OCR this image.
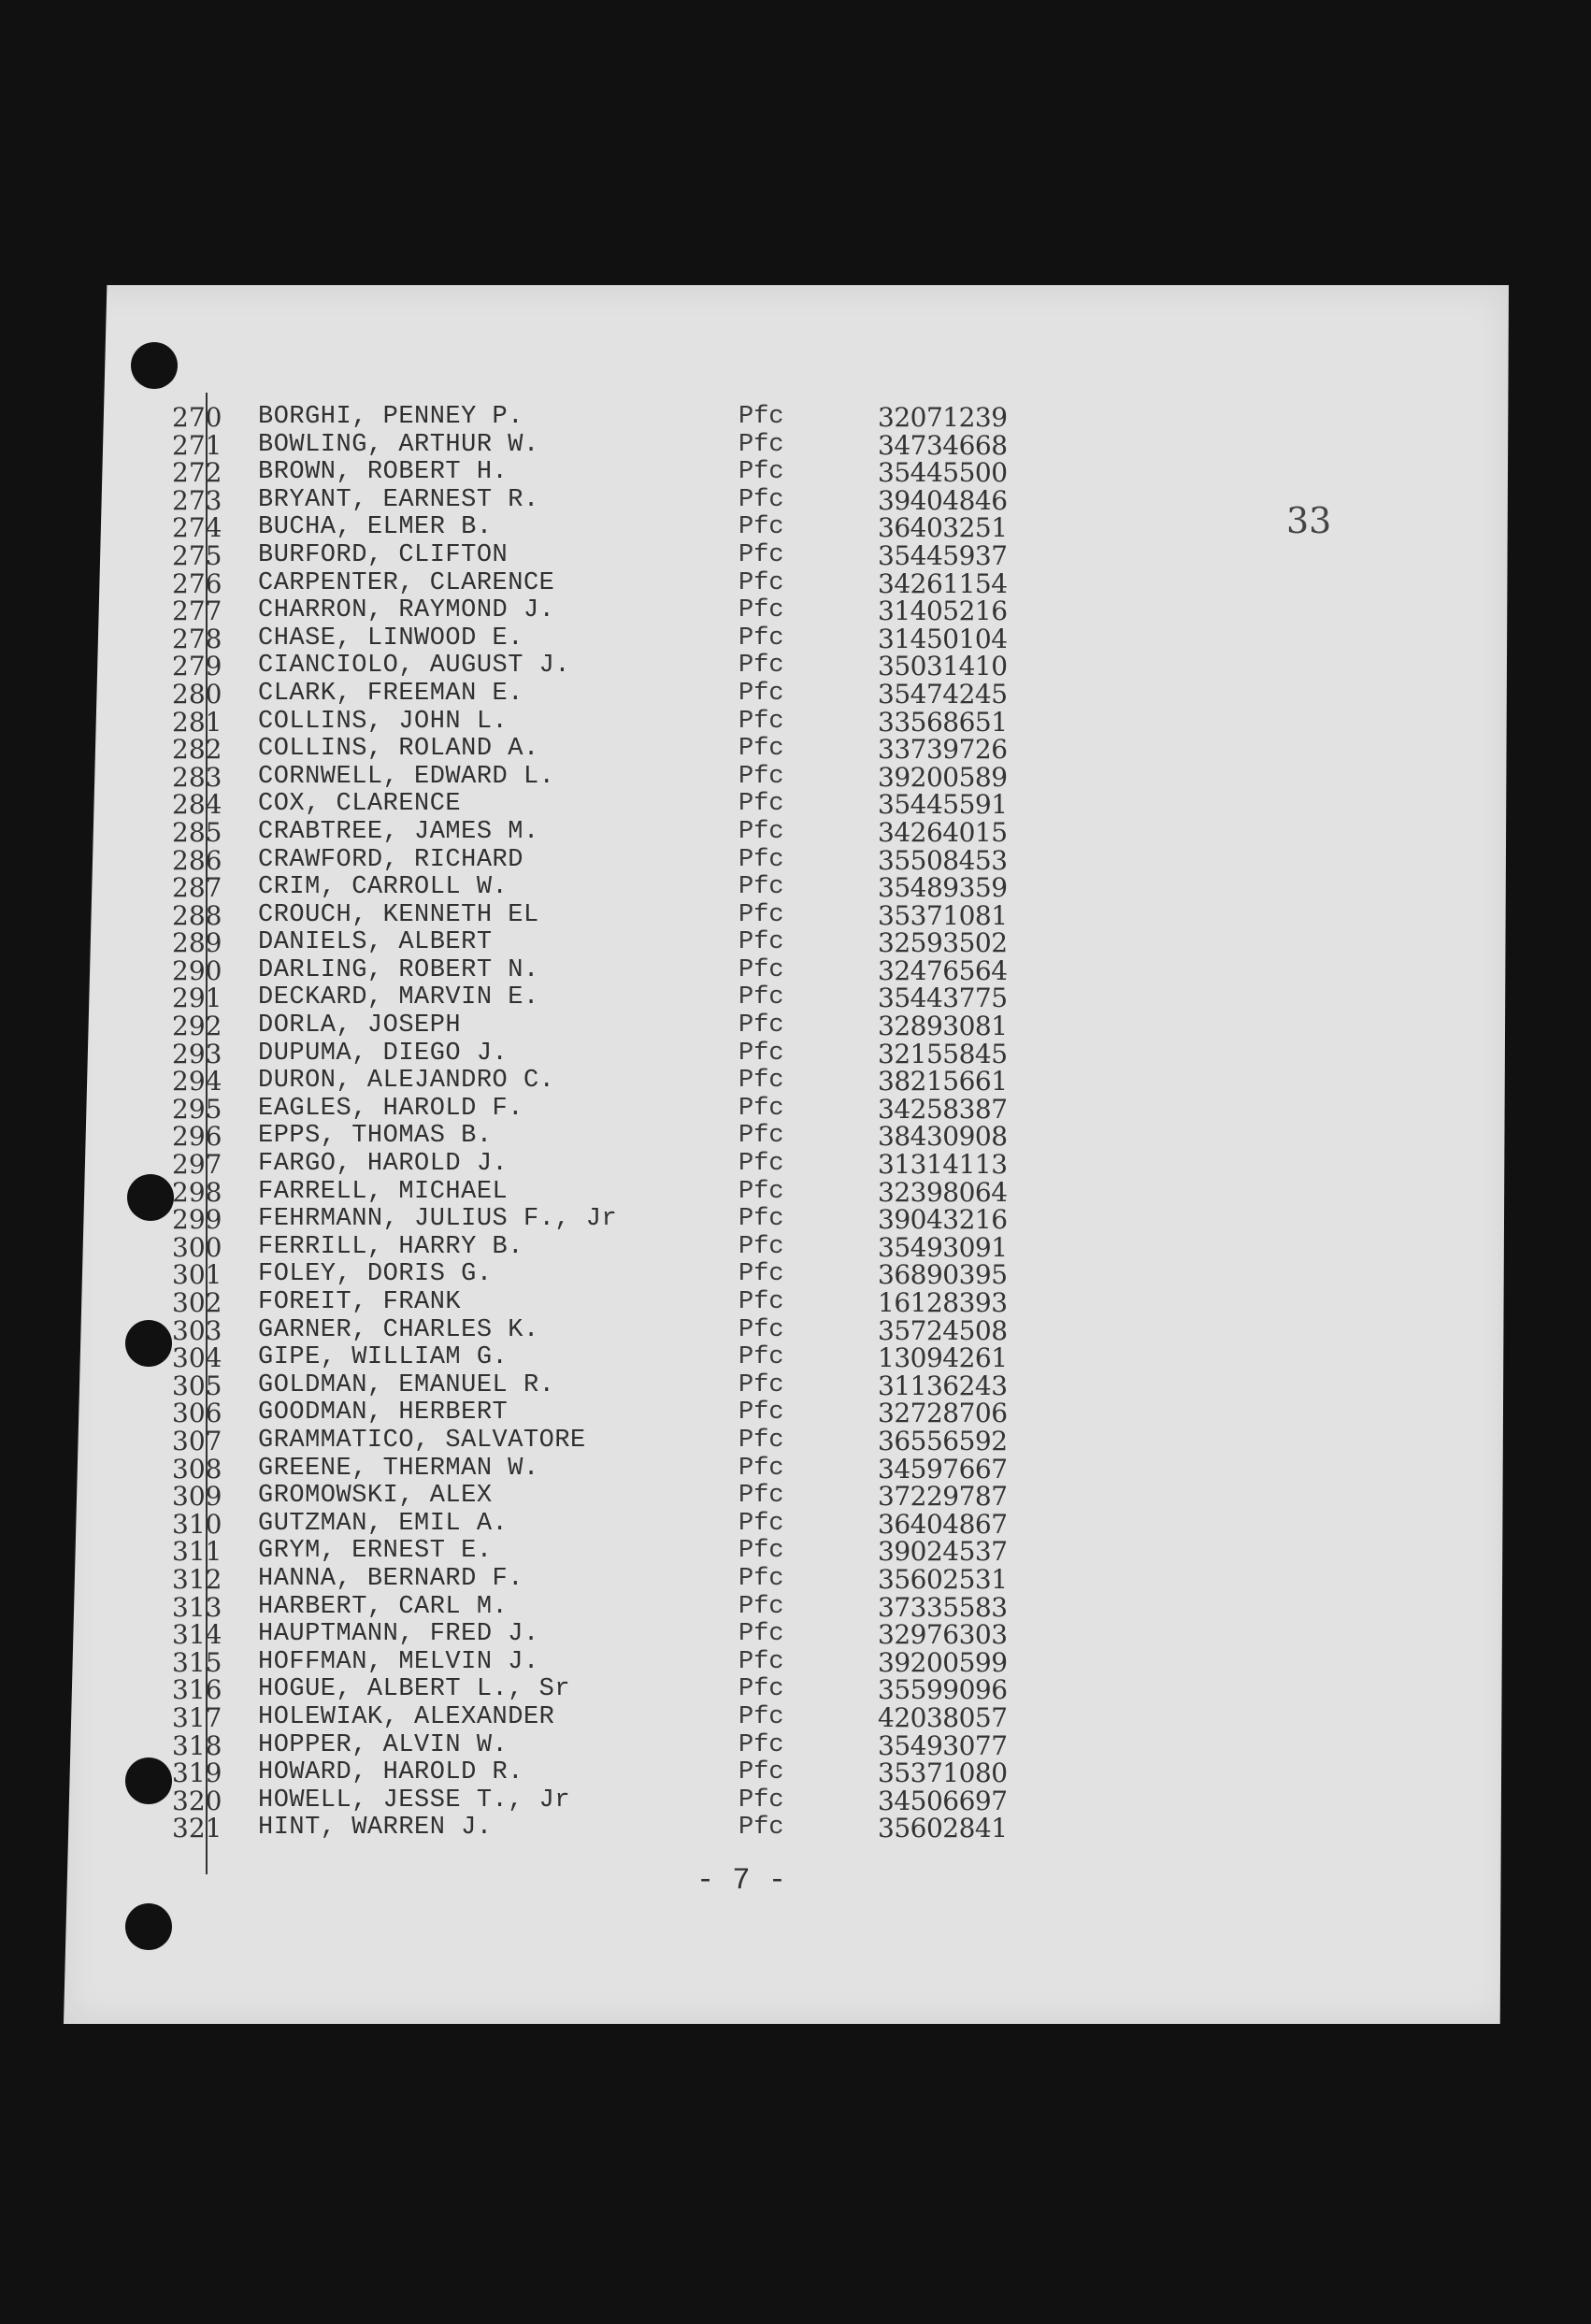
33
270 BORGHI, PENNEY P.	Pfc	32071239
271 BOWLING, ARTHUR W.	Pfc	34734668
272 BROWN, ROBERT H.	Pfc	35445500
273 BRYANT, EARNEST R.	Pfc	39404846
274 BUCHA, ELMER B.	Pfc	36403251
275 BURFORD, CLIFTON	Pfc	35445937
276 CARPENTER, CLARENCE	Pfc	34261154
277 CHARRON, RAYMOND J.	Pfc	31405216
278 CHASE, LINWOOD E.	Pfc	31450104
279 CIANCIOLO, AUGUST J.	Pfc	35031410
280 CLARK, FREEMAN E.	Pfc	35474245
281 COLLINS, JOHN L.	Pfc	33568651
282 COLLINS, ROLAND A.	Pfc	33739726
283 CORNWELL, EDWARD L.	Pfc	39200589
284 COX, CLARENCE	Pfc	35445591
285 CRABTREE, JAMES M.	Pfc	34264015
286 CRAWFORD, RICHARD	Pfc	35508453
287 CRIM, CARROLL W.	Pfc	35489359
288 CROUCH, KENNETH EL	Pfc	35371081
289 DANIELS, ALBERT	Pfc	32593502
290 DARLING, ROBERT N.	Pfc	32476564
291 DECKARD, MARVIN E.	Pfc	35443775
292 DORLA, JOSEPH	Pfc	32893081
293 DUPUMA, DIEGO J.	Pfc	32155845
294 DURON, ALEJANDRO C.	Pfc	38215661
295 EAGLES, HAROLD F.	Pfc	34258387
296 EPPS, THOMAS B.	Pfc	38430908
297 FARGO, HAROLD J.	Pfc	31314113
298 FARRELL, MICHAEL	Pfc	32398064
299 FEHRMANN, JULIUS F., Jr	Pfc	39043216
300 FERRILL, HARRY B.	Pfc	35493091
301 FOLEY, DORIS G.	Pfc	36890395
302 FOREIT, FRANK	Pfc	16128393
303 GARNER, CHARLES K.	Pfc	35724508
304 GIPE, WILLIAM G.	Pfc	13094261
305 GOLDMAN, EMANUEL R.	Pfc	31136243
306 GOODMAN, HERBERT	Pfc	32728706
307 GRAMMATICO, SALVATORE	Pfc	36556592
308 GREENE, THERMAN W.	Pfc	34597667
309 GROMOWSKI, ALEX	Pfc	37229787
310 GUTZMAN, EMIL A.	Pfc	36404867
311 GRYM, ERNEST E.	Pfc	39024537
312 HANNA, BERNARD F.	Pfc	35602531
313 HARBERT, CARL M.	Pfc	37335583
314 HAUPTMANN, FRED J.	Pfc	32976303
315 HOFFMAN, MELVIN J.	Pfc	39200599
316 HOGUE, ALBERT L., Sr	Pfc	35599096
317 HOLEWIAK, ALEXANDER	Pfc	42038057
318 HOPPER, ALVIN W.	Pfc	35493077
319 HOWARD, HAROLD R.	Pfc	35371080
320 HOWELL, JESSE T., Jr	Pfc	34506697
321 HINT, WARREN J.	Pfc	35602841
- 7 -
